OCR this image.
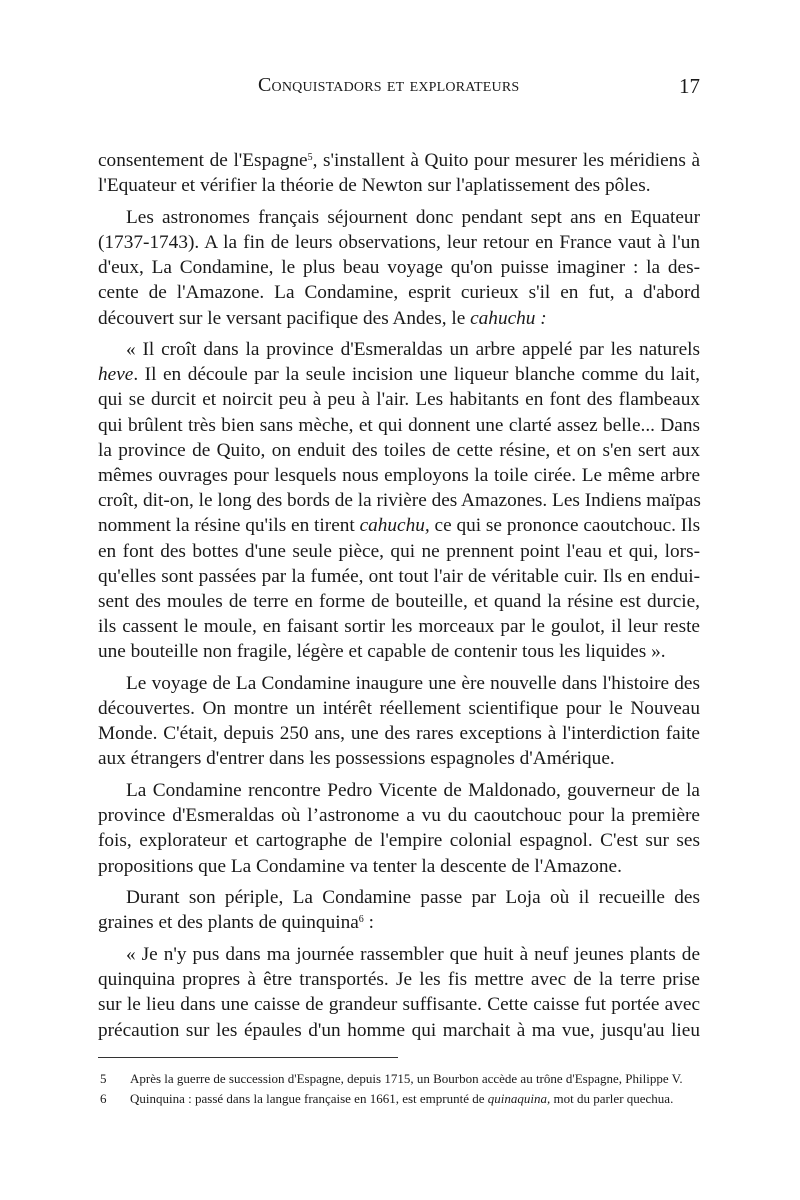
Conquistadors et explorateurs	17
consentement de l'Espagne$^5$, s'installent à Quito pour mesurer les méridiens à
l'Equateur et vérifier la théorie de Newton sur l'aplatissement des pôles.
Les astronomes français séjournent donc pendant sept ans en Equateur
(1737-1743). A la fin de leurs observations, leur retour en France vaut à l'un
d'eux, La Condamine, le plus beau voyage qu'on puisse imaginer : la des-
cente de l'Amazone. La Condamine, esprit curieux s'il en fut, a d'abord
découvert sur le versant pacifique des Andes, le cahuchu :
« Il croît dans la province d'Esmeraldas un arbre appelé par les naturels
heve. Il en découle par la seule incision une liqueur blanche comme du lait,
qui se durcit et noircit peu à peu à l'air. Les habitants en font des flambeaux
qui brûlent très bien sans mèche, et qui donnent une clarté assez belle... Dans
la province de Quito, on enduit des toiles de cette résine, et on s'en sert aux
mêmes ouvrages pour lesquels nous employons la toile cirée. Le même arbre
croît, dit-on, le long des bords de la rivière des Amazones. Les Indiens maïpas
nomment la résine qu'ils en tirent cahuchu, ce qui se prononce caoutchouc. Ils
en font des bottes d'une seule pièce, qui ne prennent point l'eau et qui, lors-
qu'elles sont passées par la fumée, ont tout l'air de véritable cuir. Ils en endui-
sent des moules de terre en forme de bouteille, et quand la résine est durcie,
ils cassent le moule, en faisant sortir les morceaux par le goulot, il leur reste
une bouteille non fragile, légère et capable de contenir tous les liquides ».
Le voyage de La Condamine inaugure une ère nouvelle dans l'histoire des
découvertes. On montre un intérêt réellement scientifique pour le Nouveau
Monde. C'était, depuis 250 ans, une des rares exceptions à l'interdiction faite
aux étrangers d'entrer dans les possessions espagnoles d'Amérique.
La Condamine rencontre Pedro Vicente de Maldonado, gouverneur de la
province d'Esmeraldas où l’astronome a vu du caoutchouc pour la première
fois, explorateur et cartographe de l'empire colonial espagnol. C'est sur ses
propositions que La Condamine va tenter la descente de l'Amazone.
Durant son périple, La Condamine passe par Loja où il recueille des
graines et des plants de quinquina$^6$ :
« Je n'y pus dans ma journée rassembler que huit à neuf jeunes plants de
quinquina propres à être transportés. Je les fis mettre avec de la terre prise
sur le lieu dans une caisse de grandeur suffisante. Cette caisse fut portée avec
précaution sur les épaules d'un homme qui marchait à ma vue, jusqu'au lieu
5 Après la guerre de succession d'Espagne, depuis 1715, un Bourbon accède au trône d'Espagne, Philippe V.
6 Quinquina : passé dans la langue française en 1661, est emprunté de quinaquina, mot du parler quechua.
